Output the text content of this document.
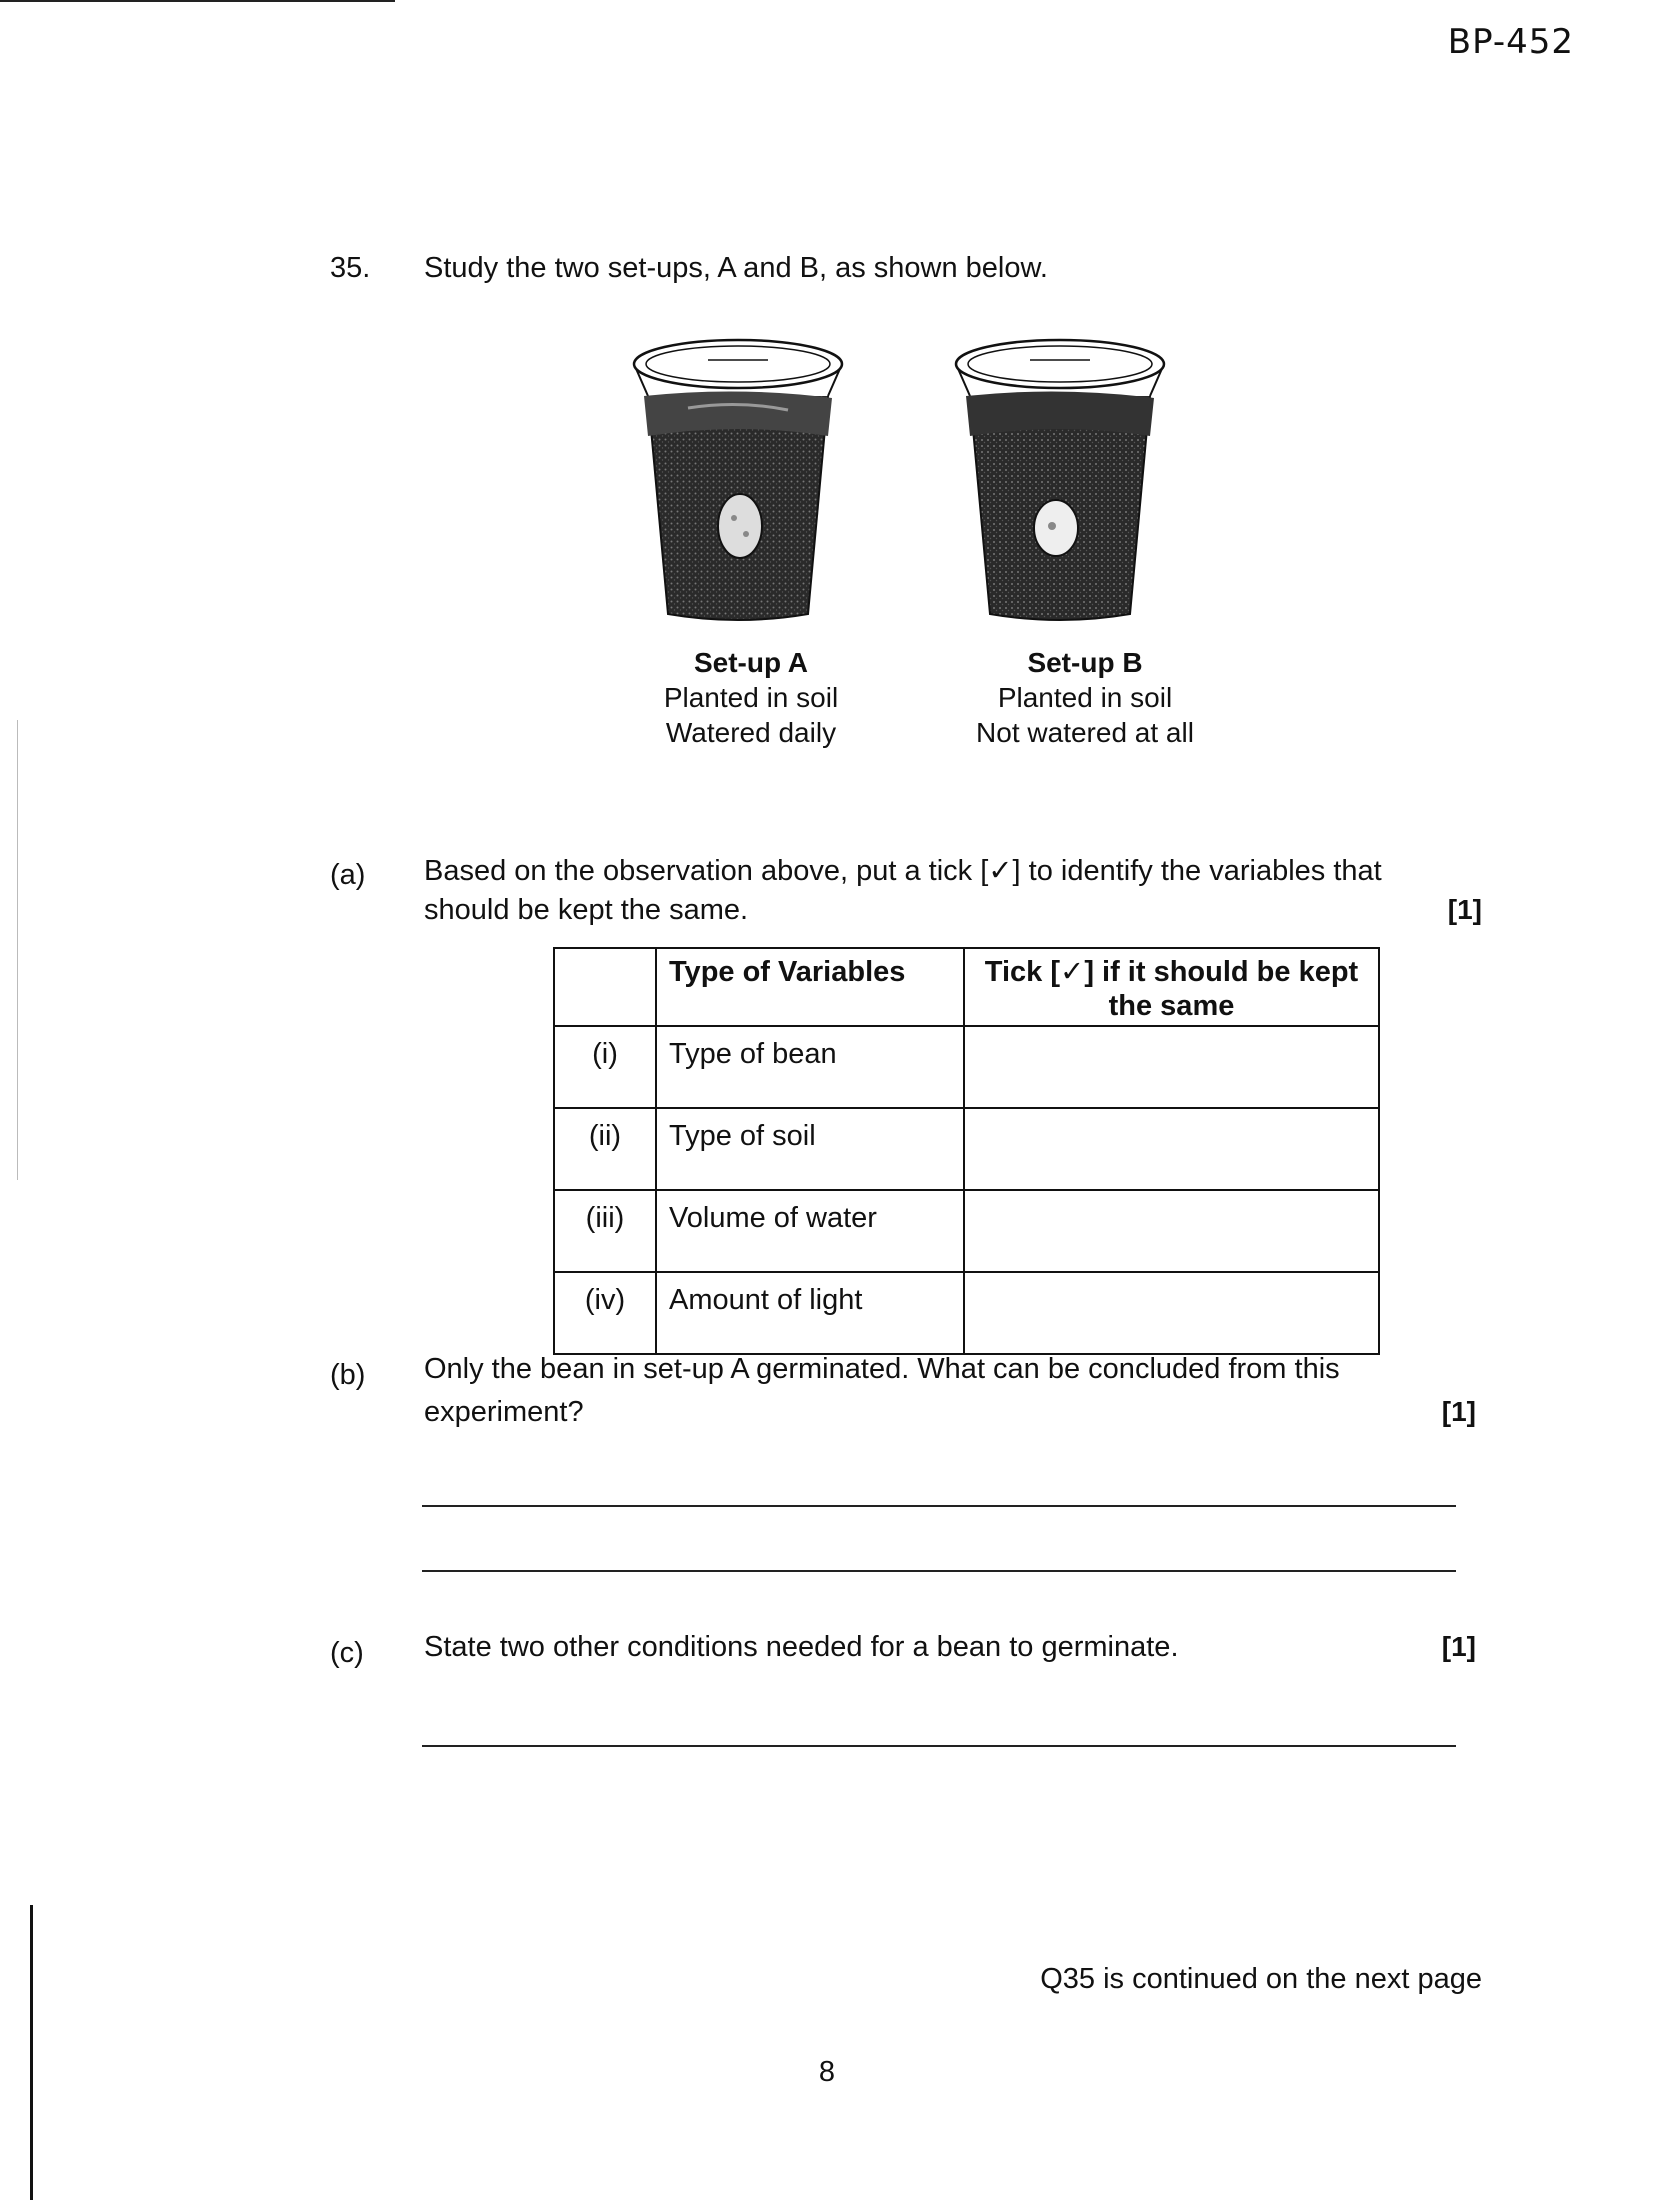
BP-452
35. Study the two set-ups, A and B, as shown below.
Set-up A
Planted in soil
Watered daily
Set-up B
Planted in soil
Not watered at all
(a) Based on the observation above, put a tick [✓] to identify the variables that
should be kept the same.	[1]
	Type of Variables	Tick [✓] if it should be kept the same
(i)	Type of bean	
(ii)	Type of soil	
(iii)	Volume of water	
(iv)	Amount of light	
(b) Only the bean in set-up A germinated. What can be concluded from this
experiment?	[1]
(c) State two other conditions needed for a bean to germinate.	[1]
Q35 is continued on the next page
8
